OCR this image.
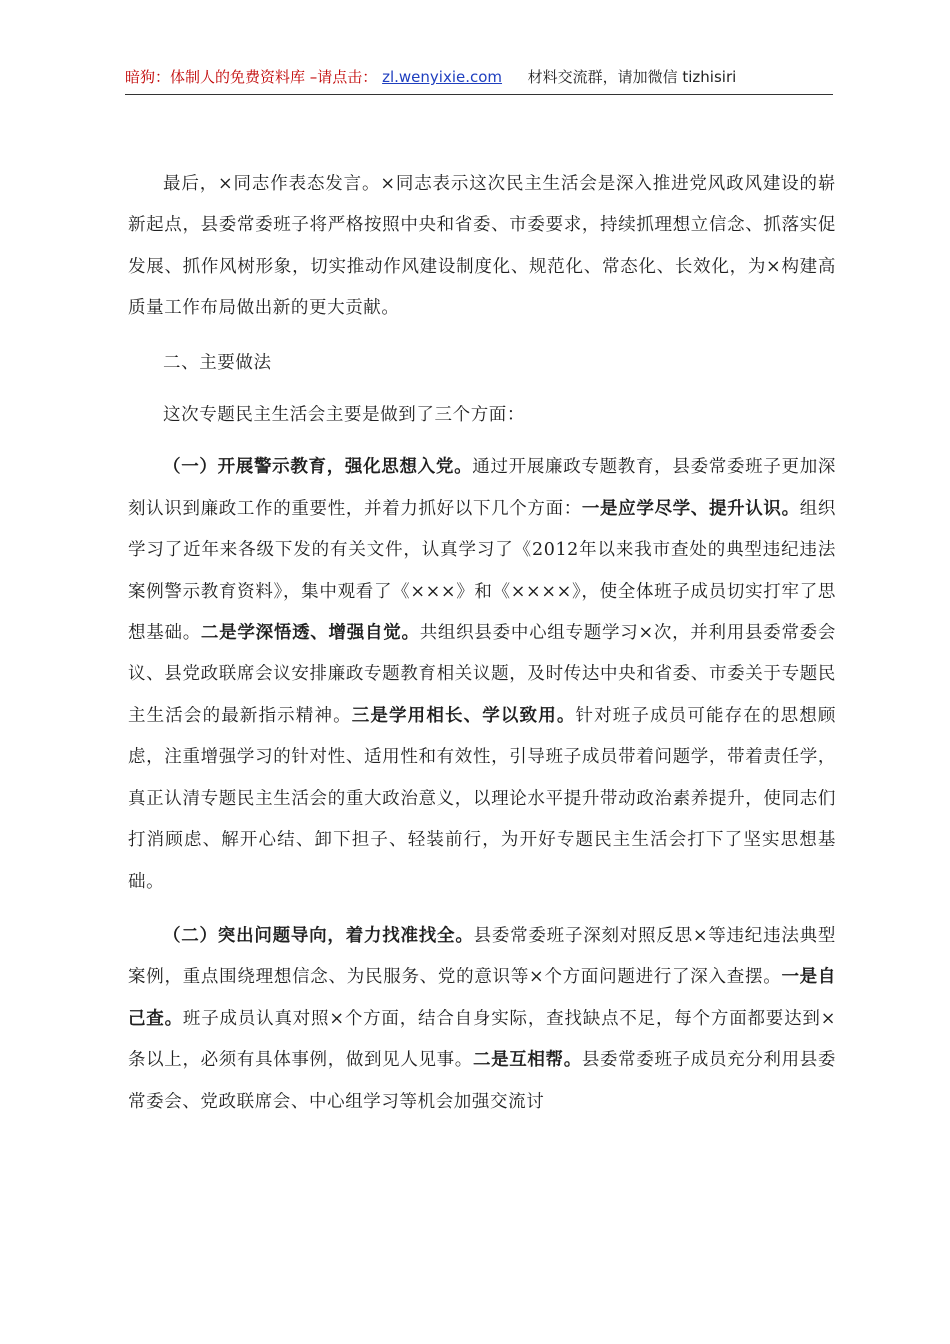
暗狗：体制人的免费资料库 –请点击： zl.wenyixie.com 材料交流群，请加微信 tizhisiri

最后，×同志作表态发言。×同志表示这次民主生活会是深入推进党风政风建设的崭新起点，县委常委班子将严格按照中央和省委、市委要求，持续抓理想立信念、抓落实促发展、抓作风树形象，切实推动作风建设制度化、规范化、常态化、长效化，为×构建高质量工作布局做出新的更大贡献。

二、主要做法

这次专题民主生活会主要是做到了三个方面：

（一）开展警示教育，强化思想入党。通过开展廉政专题教育，县委常委班子更加深刻认识到廉政工作的重要性，并着力抓好以下几个方面：一是应学尽学、提升认识。组织学习了近年来各级下发的有关文件，认真学习了《2012年以来我市查处的典型违纪违法案例警示教育资料》，集中观看了《×××》和《××××》，使全体班子成员切实打牢了思想基础。二是学深悟透、增强自觉。共组织县委中心组专题学习×次，并利用县委常委会议、县党政联席会议安排廉政专题教育相关议题，及时传达中央和省委、市委关于专题民主生活会的最新指示精神。三是学用相长、学以致用。针对班子成员可能存在的思想顾虑，注重增强学习的针对性、适用性和有效性，引导班子成员带着问题学，带着责任学，真正认清专题民主生活会的重大政治意义，以理论水平提升带动政治素养提升，使同志们打消顾虑、解开心结、卸下担子、轻装前行，为开好专题民主生活会打下了坚实思想基础。

（二）突出问题导向，着力找准找全。县委常委班子深刻对照反思×等违纪违法典型案例，重点围绕理想信念、为民服务、党的意识等×个方面问题进行了深入查摆。一是自己查。班子成员认真对照×个方面，结合自身实际，查找缺点不足，每个方面都要达到×条以上，必须有具体事例，做到见人见事。二是互相帮。县委常委班子成员充分利用县委常委会、党政联席会、中心组学习等机会加强交流讨
